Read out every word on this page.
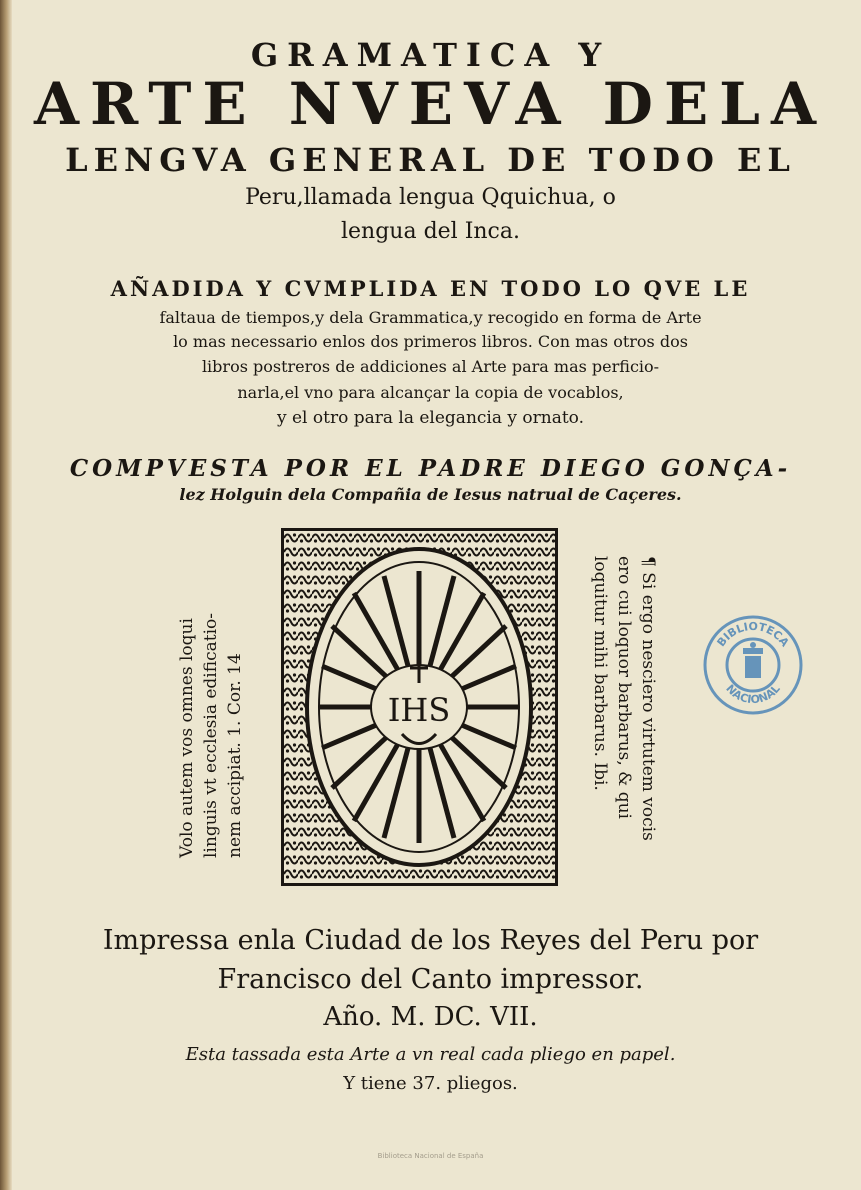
GRAMATICA Y
ARTE NVEVA DELA
LENGVA GENERAL DE TODO EL
Peru,llamada lengua Qquichua, o
lengua del Inca.
AÑADIDA Y CVMPLIDA EN TODO LO QVE LE
faltaua de tiempos,y dela Grammatica,y recogido en forma de Arte
lo mas necessario enlos dos primeros libros. Con mas otros dos
libros postreros de addiciones al Arte para mas perficio-
narla,el vno para alcançar la copia de vocablos,
y el otro para la elegancia y ornato.
COMPVESTA POR EL PADRE DIEGO GONÇA-
lez Holguin dela Compañia de Iesus natrual de Caçeres.
Volo autem vos omnes loqui linguis vt ecclesia edificatio- nem accipiat. 1. Cor. 14	IHS	¶ Si ergo nesciero virtutem vocis
ero cui loquor barbarus, & qui
loquitur mihi barbarus. Ibi.	BIBLIOTECA
NACIONAL
Impressa enla Ciudad de los Reyes del Peru por
Francisco del Canto impressor.
Año. M. DC. VII.
Esta tassada esta Arte a vn real cada pliego en papel.
Y tiene 37. pliegos.
Biblioteca Nacional de España
